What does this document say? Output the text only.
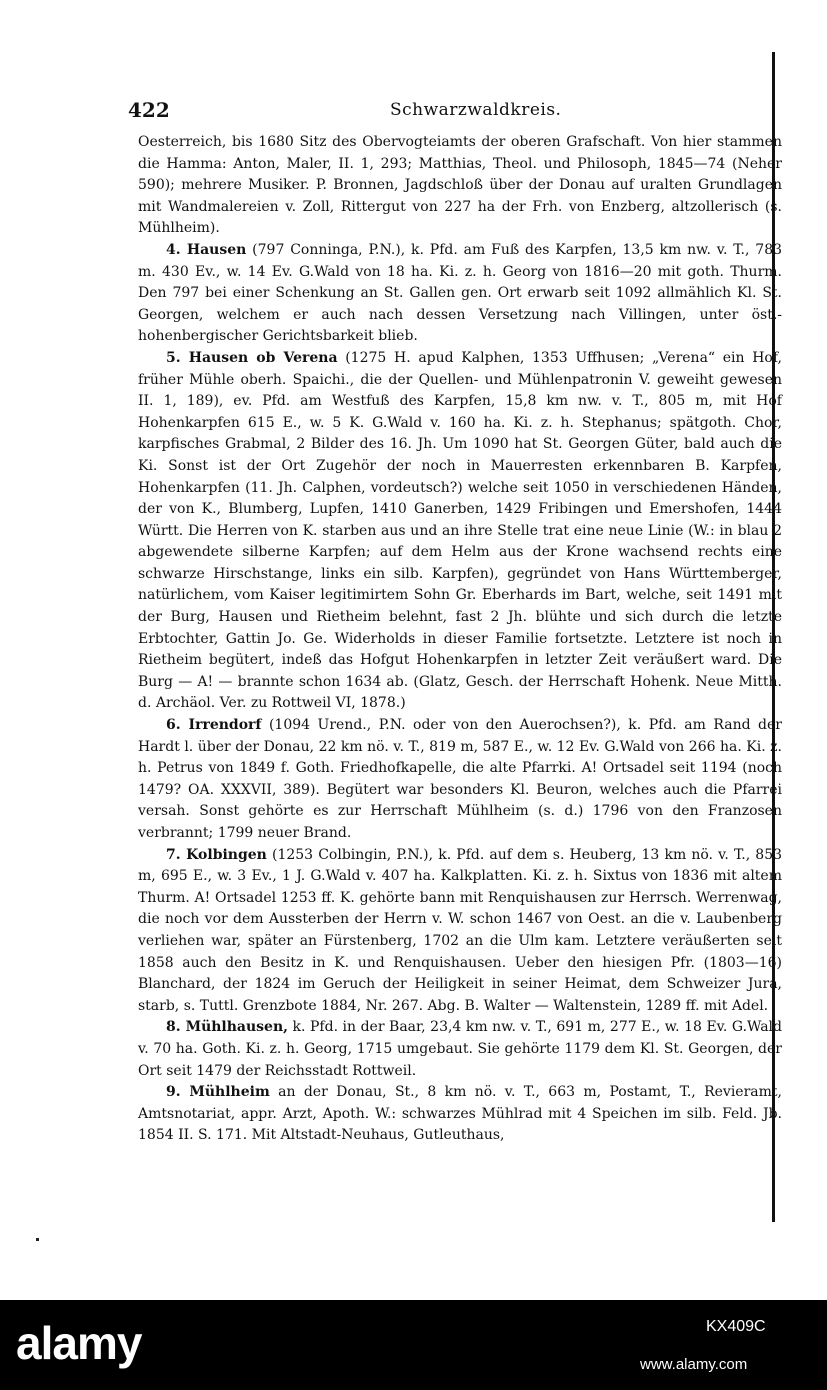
422	Schwarzwaldkreis.

Oesterreich, bis 1680 Sitz des Obervogteiamts der oberen Grafschaft. Von hier stammen die Hamma: Anton, Maler, II. 1, 293; Matthias, Theol. und Philosoph, 1845—74 (Neher 590); mehrere Musiker. P. Bronnen, Jagdschloß über der Donau auf uralten Grundlagen mit Wandmalereien v. Zoll, Rittergut von 227 ha der Frh. von Enzberg, altzollerisch (s. Mühlheim).

4. Hausen (797 Conninga, P.N.), k. Pfd. am Fuß des Karpfen, 13,5 km nw. v. T., 783 m. 430 Ev., w. 14 Ev. G.Wald von 18 ha. Ki. z. h. Georg von 1816—20 mit goth. Thurm. Den 797 bei einer Schenkung an St. Gallen gen. Ort erwarb seit 1092 allmählich Kl. St. Georgen, welchem er auch nach dessen Versetzung nach Villingen, unter öst.-hohenbergischer Gerichtsbarkeit blieb.

5. Hausen ob Verena (1275 H. apud Kalphen, 1353 Uffhusen; „Verena“ ein Hof, früher Mühle oberh. Spaichi., die der Quellen- und Mühlenpatronin V. geweiht gewesen II. 1, 189), ev. Pfd. am Westfuß des Karpfen, 15,8 km nw. v. T., 805 m, mit Hof Hohenkarpfen 615 E., w. 5 K. G.Wald v. 160 ha. Ki. z. h. Stephanus; spätgoth. Chor, karpfisches Grabmal, 2 Bilder des 16. Jh. Um 1090 hat St. Georgen Güter, bald auch die Ki. Sonst ist der Ort Zugehör der noch in Mauerresten erkennbaren B. Karpfen, Hohenkarpfen (11. Jh. Calphen, vordeutsch?) welche seit 1050 in verschiedenen Händen, der von K., Blumberg, Lupfen, 1410 Ganerben, 1429 Fribingen und Emershofen, 1444 Württ. Die Herren von K. starben aus und an ihre Stelle trat eine neue Linie (W.: in blau 2 abgewendete silberne Karpfen; auf dem Helm aus der Krone wachsend rechts eine schwarze Hirschstange, links ein silb. Karpfen), gegründet von Hans Württemberger, natürlichem, vom Kaiser legitimirtem Sohn Gr. Eberhards im Bart, welche, seit 1491 mit der Burg, Hausen und Rietheim belehnt, fast 2 Jh. blühte und sich durch die letzte Erbtochter, Gattin Jo. Ge. Widerholds in dieser Familie fortsetzte. Letztere ist noch in Rietheim begütert, indeß das Hofgut Hohenkarpfen in letzter Zeit veräußert ward. Die Burg — A! — brannte schon 1634 ab. (Glatz, Gesch. der Herrschaft Hohenk. Neue Mitth. d. Archäol. Ver. zu Rottweil VI, 1878.)

6. Irrendorf (1094 Urend., P.N. oder von den Auerochsen?), k. Pfd. am Rand der Hardt l. über der Donau, 22 km nö. v. T., 819 m, 587 E., w. 12 Ev. G.Wald von 266 ha. Ki. z. h. Petrus von 1849 f. Goth. Friedhofkapelle, die alte Pfarrki. A! Ortsadel seit 1194 (noch 1479? OA. XXXVII, 389). Begütert war besonders Kl. Beuron, welches auch die Pfarrei versah. Sonst gehörte es zur Herrschaft Mühlheim (s. d.) 1796 von den Franzosen verbrannt; 1799 neuer Brand.

7. Kolbingen (1253 Colbingin, P.N.), k. Pfd. auf dem s. Heuberg, 13 km nö. v. T., 853 m, 695 E., w. 3 Ev., 1 J. G.Wald v. 407 ha. Kalkplatten. Ki. z. h. Sixtus von 1836 mit altem Thurm. A! Ortsadel 1253 ff. K. gehörte bann mit Renquishausen zur Herrsch. Werrenwag, die noch vor dem Aussterben der Herrn v. W. schon 1467 von Oest. an die v. Laubenberg verliehen war, später an Fürstenberg, 1702 an die Ulm kam. Letztere veräußerten seit 1858 auch den Besitz in K. und Renquishausen. Ueber den hiesigen Pfr. (1803—16) Blanchard, der 1824 im Geruch der Heiligkeit in seiner Heimat, dem Schweizer Jura, starb, s. Tuttl. Grenzbote 1884, Nr. 267. Abg. B. Walter — Waltenstein, 1289 ff. mit Adel.

8. Mühlhausen, k. Pfd. in der Baar, 23,4 km nw. v. T., 691 m, 277 E., w. 18 Ev. G.Wald v. 70 ha. Goth. Ki. z. h. Georg, 1715 umgebaut. Sie gehörte 1179 dem Kl. St. Georgen, der Ort seit 1479 der Reichsstadt Rottweil.

9. Mühlheim an der Donau, St., 8 km nö. v. T., 663 m, Postamt, T., Revieramt, Amtsnotariat, appr. Arzt, Apoth. W.: schwarzes Mühlrad mit 4 Speichen im silb. Feld. Jb. 1854 II. S. 171. Mit Altstadt-Neuhaus, Gutleuthaus,

alamy	KX409C
www.alamy.com
